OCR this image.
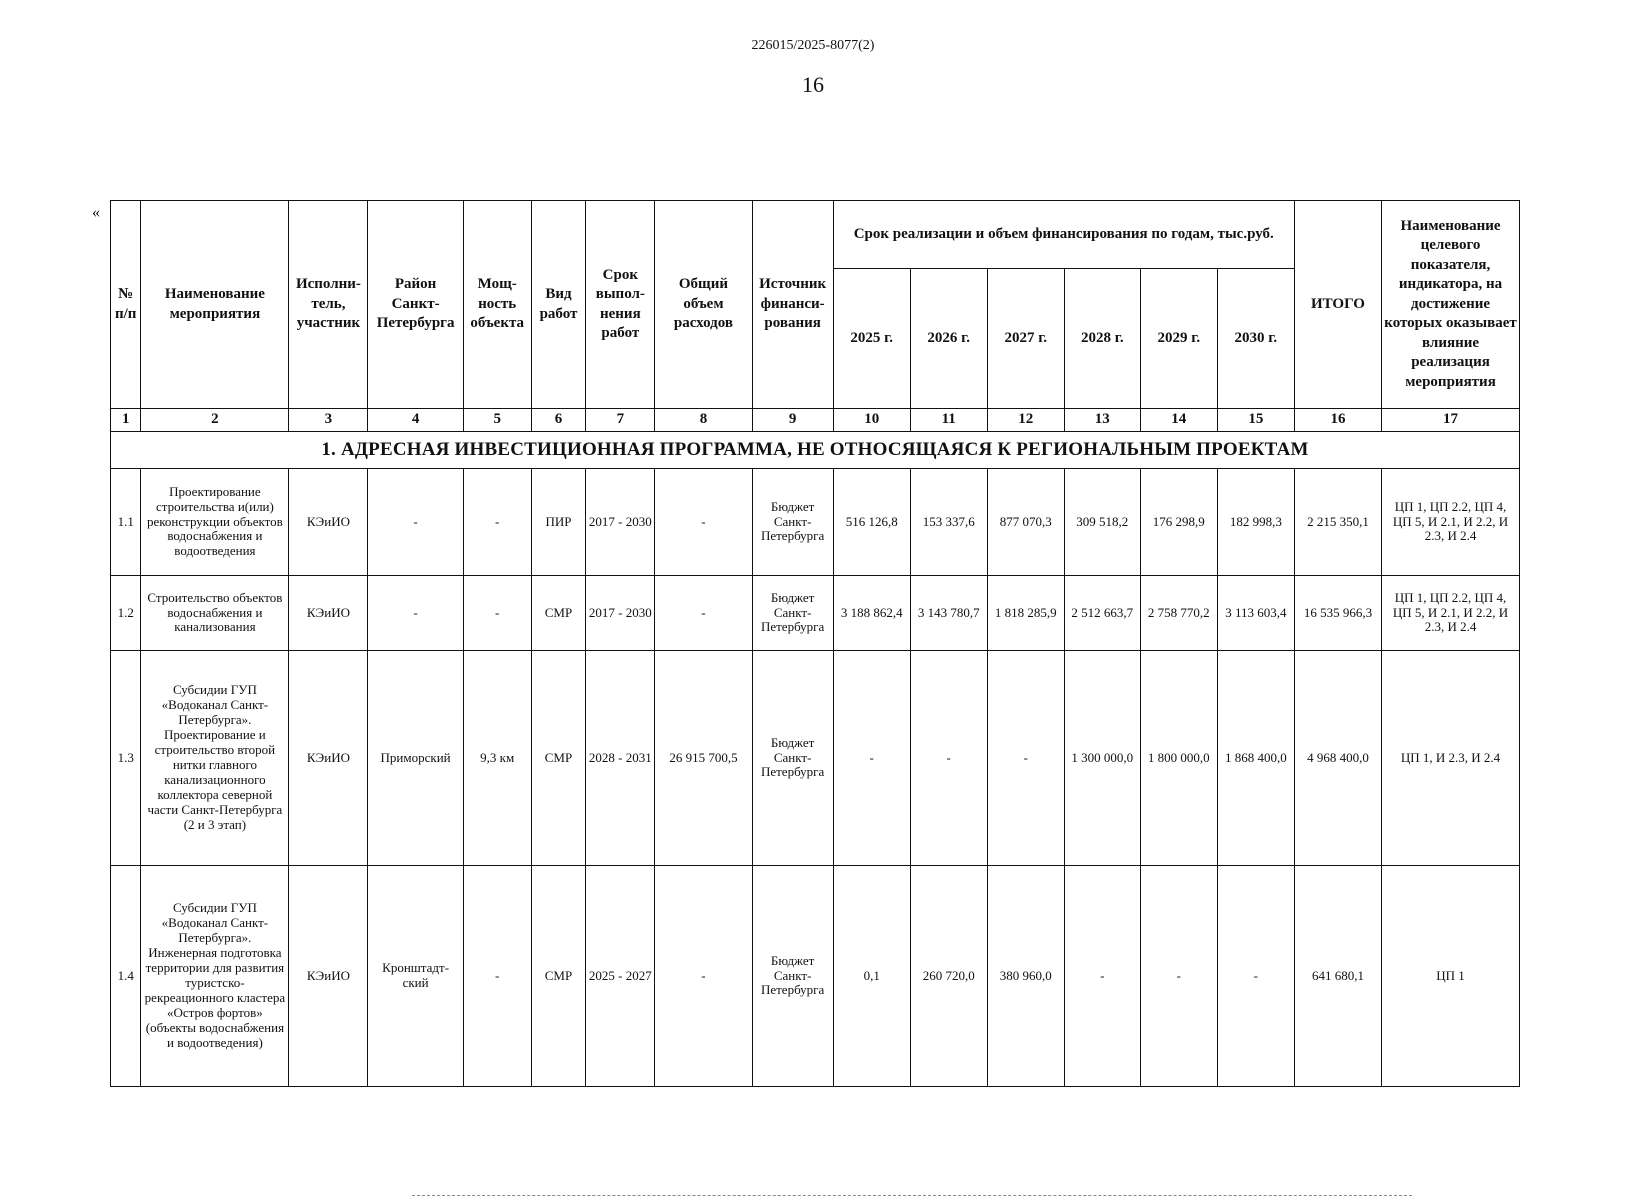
226015/2025-8077(2)
16
«
№ п/п	Наименование мероприятия	Исполни-тель, участник	Район Санкт-Петербурга	Мощ-ность объекта	Вид работ	Срок выпол-нения работ	Общий объем расходов	Источник финанси-рования	Срок реализации и объем финансирования по годам, тыс.руб.						ИТОГО	Наименование целевого показателя, индикатора, на достижение которых оказывает влияние реализация мероприятия
									2025 г.	2026 г.	2027 г.	2028 г.	2029 г.	2030 г.		
1	2	3	4	5	6	7	8	9	10	11	12	13	14	15	16	17
1. АДРЕСНАЯ ИНВЕСТИЦИОННАЯ ПРОГРАММА, НЕ ОТНОСЯЩАЯСЯ К РЕГИОНАЛЬНЫМ ПРОЕКТАМ																
1.1	Проектирование строительства и(или) реконструкции объектов водоснабжения и водоотведения	КЭиИО	-	-	ПИР	2017 - 2030	-	Бюджет Санкт-Петербурга	516 126,8	153 337,6	877 070,3	309 518,2	176 298,9	182 998,3	2 215 350,1	ЦП 1, ЦП 2.2, ЦП 4, ЦП 5, И 2.1, И 2.2, И 2.3, И 2.4
1.2	Строительство объектов водоснабжения и канализования	КЭиИО	-	-	СМР	2017 - 2030	-	Бюджет Санкт-Петербурга	3 188 862,4	3 143 780,7	1 818 285,9	2 512 663,7	2 758 770,2	3 113 603,4	16 535 966,3	ЦП 1, ЦП 2.2, ЦП 4, ЦП 5, И 2.1, И 2.2, И 2.3, И 2.4
1.3	Субсидии ГУП «Водоканал Санкт-Петербурга». Проектирование и строительство второй нитки главного канализационного коллектора северной части Санкт-Петербурга (2 и 3 этап)	КЭиИО	Приморский	9,3 км	СМР	2028 - 2031	26 915 700,5	Бюджет Санкт-Петербурга	-	-	-	1 300 000,0	1 800 000,0	1 868 400,0	4 968 400,0	ЦП 1, И 2.3, И 2.4
1.4	Субсидии ГУП «Водоканал Санкт-Петербурга». Инженерная подготовка территории для развития туристско-рекреационного кластера «Остров фортов» (объекты водоснабжения и водоотведения)	КЭиИО	Кронштадт-ский	-	СМР	2025 - 2027	-	Бюджет Санкт-Петербурга	0,1	260 720,0	380 960,0	-	-	-	641 680,1	ЦП 1
